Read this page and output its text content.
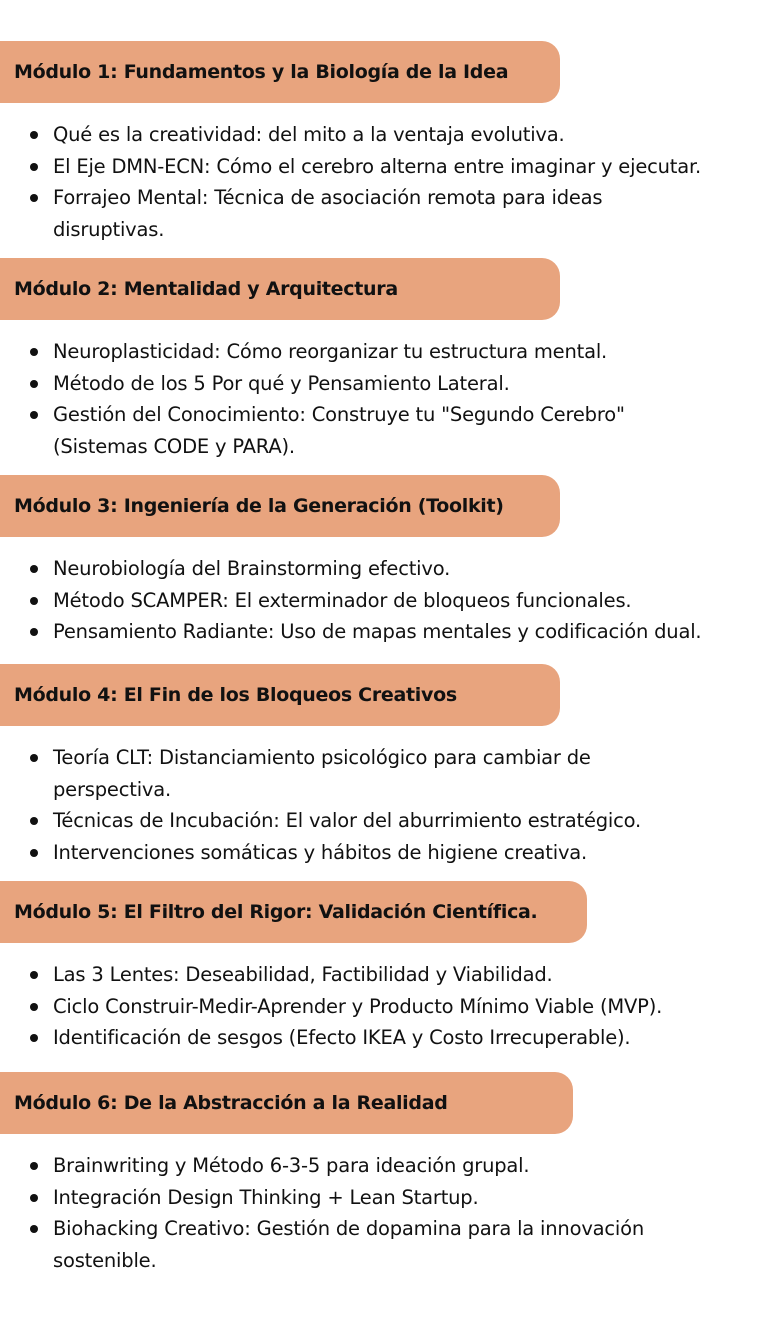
Módulo 1: Fundamentos y la Biología de la Idea
Qué es la creatividad: del mito a la ventaja evolutiva.
El Eje DMN-ECN: Cómo el cerebro alterna entre imaginar y ejecutar.
Forrajeo Mental: Técnica de asociación remota para ideas disruptivas.
Módulo 2: Mentalidad y Arquitectura
Neuroplasticidad: Cómo reorganizar tu estructura mental.
Método de los 5 Por qué y Pensamiento Lateral.
Gestión del Conocimiento: Construye tu "Segundo Cerebro" (Sistemas CODE y PARA).
Módulo 3: Ingeniería de la Generación (Toolkit)
Neurobiología del Brainstorming efectivo.
Método SCAMPER: El exterminador de bloqueos funcionales.
Pensamiento Radiante: Uso de mapas mentales y codificación dual.
Módulo 4: El Fin de los Bloqueos Creativos
Teoría CLT: Distanciamiento psicológico para cambiar de perspectiva.
Técnicas de Incubación: El valor del aburrimiento estratégico.
Intervenciones somáticas y hábitos de higiene creativa.
Módulo 5: El Filtro del Rigor: Validación Científica.
Las 3 Lentes: Deseabilidad, Factibilidad y Viabilidad.
Ciclo Construir-Medir-Aprender y Producto Mínimo Viable (MVP).
Identificación de sesgos (Efecto IKEA y Costo Irrecuperable).
Módulo 6: De la Abstracción a la Realidad
Brainwriting y Método 6-3-5 para ideación grupal.
Integración Design Thinking + Lean Startup.
Biohacking Creativo: Gestión de dopamina para la innovación sostenible.
